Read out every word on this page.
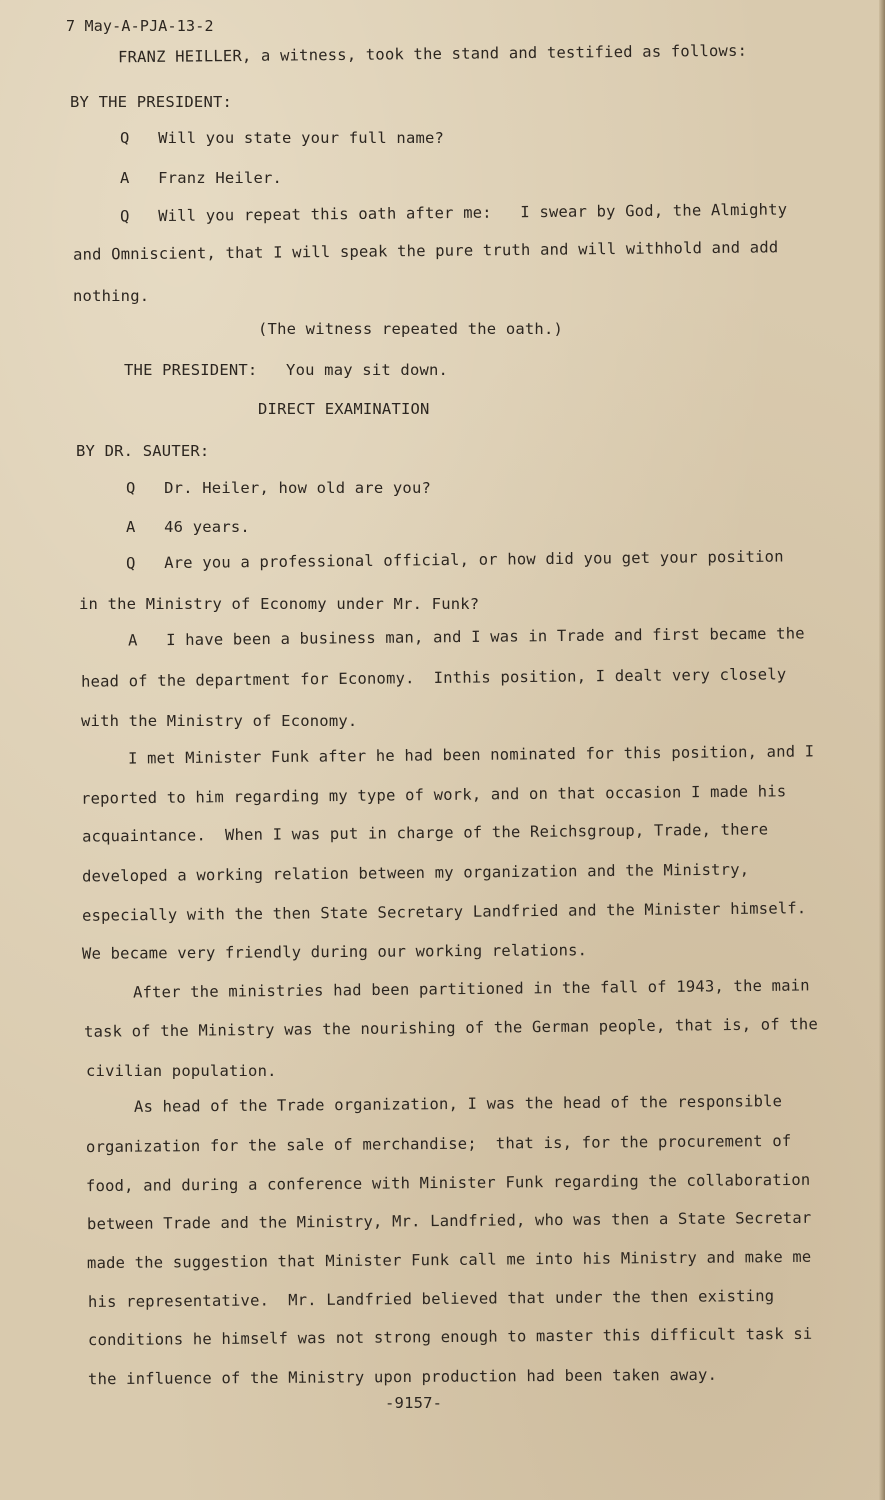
7 May-A-PJA-13-2
FRANZ HEILLER, a witness, took the stand and testified as follows:
BY THE PRESIDENT:
Q   Will you state your full name?
A   Franz Heiler.
Q   Will you repeat this oath after me:   I swear by God, the Almighty
and Omniscient, that I will speak the pure truth and will withhold and add
nothing.
(The witness repeated the oath.)
THE PRESIDENT:   You may sit down.
DIRECT EXAMINATION
BY DR. SAUTER:
Q   Dr. Heiler, how old are you?
A   46 years.
Q   Are you a professional official, or how did you get your position
in the Ministry of Economy under Mr. Funk?
A   I have been a business man, and I was in Trade and first became the
head of the department for Economy.  Inthis position, I dealt very closely
with the Ministry of Economy.
I met Minister Funk after he had been nominated for this position, and I
reported to him regarding my type of work, and on that occasion I made his
acquaintance.  When I was put in charge of the Reichsgroup, Trade, there
developed a working relation between my organization and the Ministry,
especially with the then State Secretary Landfried and the Minister himself.
We became very friendly during our working relations.
After the ministries had been partitioned in the fall of 1943, the main
task of the Ministry was the nourishing of the German people, that is, of the
civilian population.
As head of the Trade organization, I was the head of the responsible
organization for the sale of merchandise;  that is, for the procurement of
food, and during a conference with Minister Funk regarding the collaboration
between Trade and the Ministry, Mr. Landfried, who was then a State Secretar
made the suggestion that Minister Funk call me into his Ministry and make me
his representative.  Mr. Landfried believed that under the then existing
conditions he himself was not strong enough to master this difficult task si
the influence of the Ministry upon production had been taken away.
-9157-
